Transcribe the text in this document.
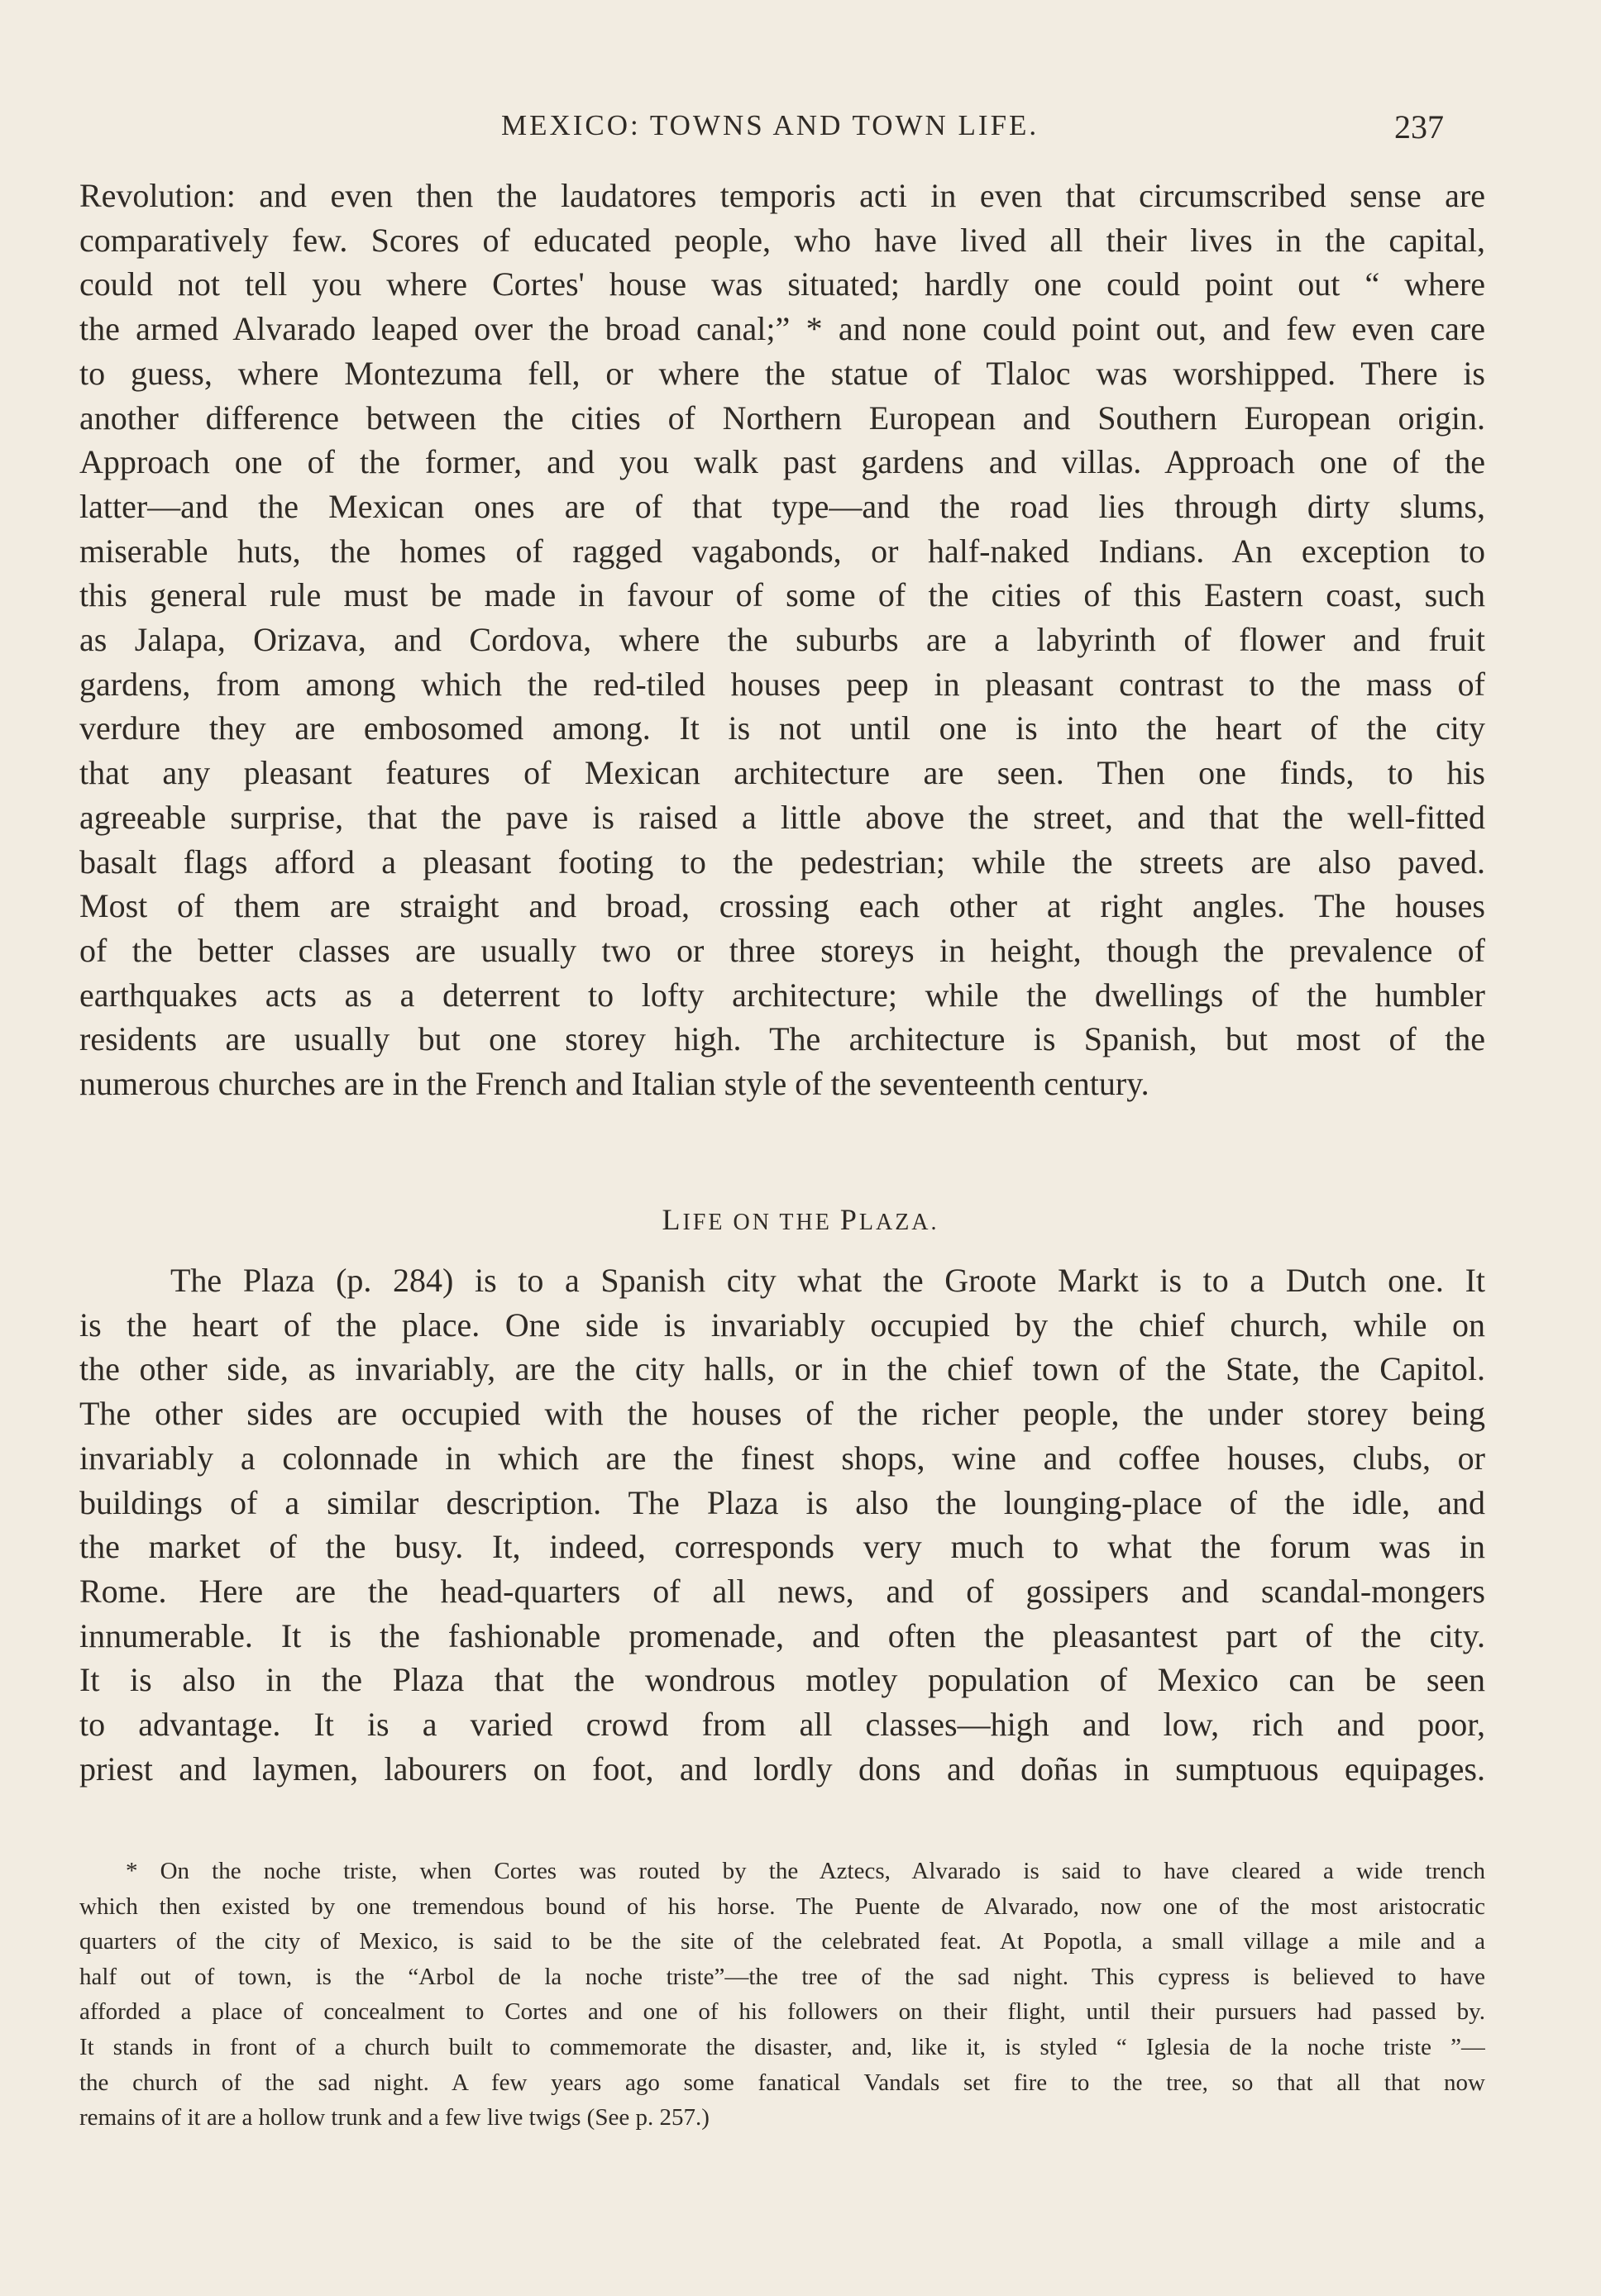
MEXICO: TOWNS AND TOWN LIFE.	237
Revolution: and even then the laudatores temporis acti in even that circumscribed sense are
comparatively few. Scores of educated people, who have lived all their lives in the capital,
could not tell you where Cortes' house was situated; hardly one could point out “ where
the armed Alvarado leaped over the broad canal;” * and none could point out, and few even care
to guess, where Montezuma fell, or where the statue of Tlaloc was worshipped. There is
another difference between the cities of Northern European and Southern European origin.
Approach one of the former, and you walk past gardens and villas. Approach one of the
latter—and the Mexican ones are of that type—and the road lies through dirty slums,
miserable huts, the homes of ragged vagabonds, or half-naked Indians. An exception to
this general rule must be made in favour of some of the cities of this Eastern coast, such
as Jalapa, Orizava, and Cordova, where the suburbs are a labyrinth of flower and fruit
gardens, from among which the red-tiled houses peep in pleasant contrast to the mass of
verdure they are embosomed among. It is not until one is into the heart of the city
that any pleasant features of Mexican architecture are seen. Then one finds, to his
agreeable surprise, that the pave is raised a little above the street, and that the well-fitted
basalt flags afford a pleasant footing to the pedestrian; while the streets are also paved.
Most of them are straight and broad, crossing each other at right angles. The houses
of the better classes are usually two or three storeys in height, though the prevalence of
earthquakes acts as a deterrent to lofty architecture; while the dwellings of the humbler
residents are usually but one storey high. The architecture is Spanish, but most of the
numerous churches are in the French and Italian style of the seventeenth century.
LIFE ON THE PLAZA.
The Plaza (p. 284) is to a Spanish city what the Groote Markt is to a Dutch one. It
is the heart of the place. One side is invariably occupied by the chief church, while on
the other side, as invariably, are the city halls, or in the chief town of the State, the Capitol.
The other sides are occupied with the houses of the richer people, the under storey being
invariably a colonnade in which are the finest shops, wine and coffee houses, clubs, or
buildings of a similar description. The Plaza is also the lounging-place of the idle, and
the market of the busy. It, indeed, corresponds very much to what the forum was in
Rome. Here are the head-quarters of all news, and of gossipers and scandal-mongers
innumerable. It is the fashionable promenade, and often the pleasantest part of the city.
It is also in the Plaza that the wondrous motley population of Mexico can be seen
to advantage. It is a varied crowd from all classes—high and low, rich and poor,
priest and laymen, labourers on foot, and lordly dons and doñas in sumptuous equipages.
* On the noche triste, when Cortes was routed by the Aztecs, Alvarado is said to have cleared a wide trench
which then existed by one tremendous bound of his horse. The Puente de Alvarado, now one of the most aristocratic
quarters of the city of Mexico, is said to be the site of the celebrated feat. At Popotla, a small village a mile and a
half out of town, is the “Arbol de la noche triste”—the tree of the sad night. This cypress is believed to have
afforded a place of concealment to Cortes and one of his followers on their flight, until their pursuers had passed by.
It stands in front of a church built to commemorate the disaster, and, like it, is styled “ Iglesia de la noche triste ”—
the church of the sad night. A few years ago some fanatical Vandals set fire to the tree, so that all that now
remains of it are a hollow trunk and a few live twigs (See p. 257.)
